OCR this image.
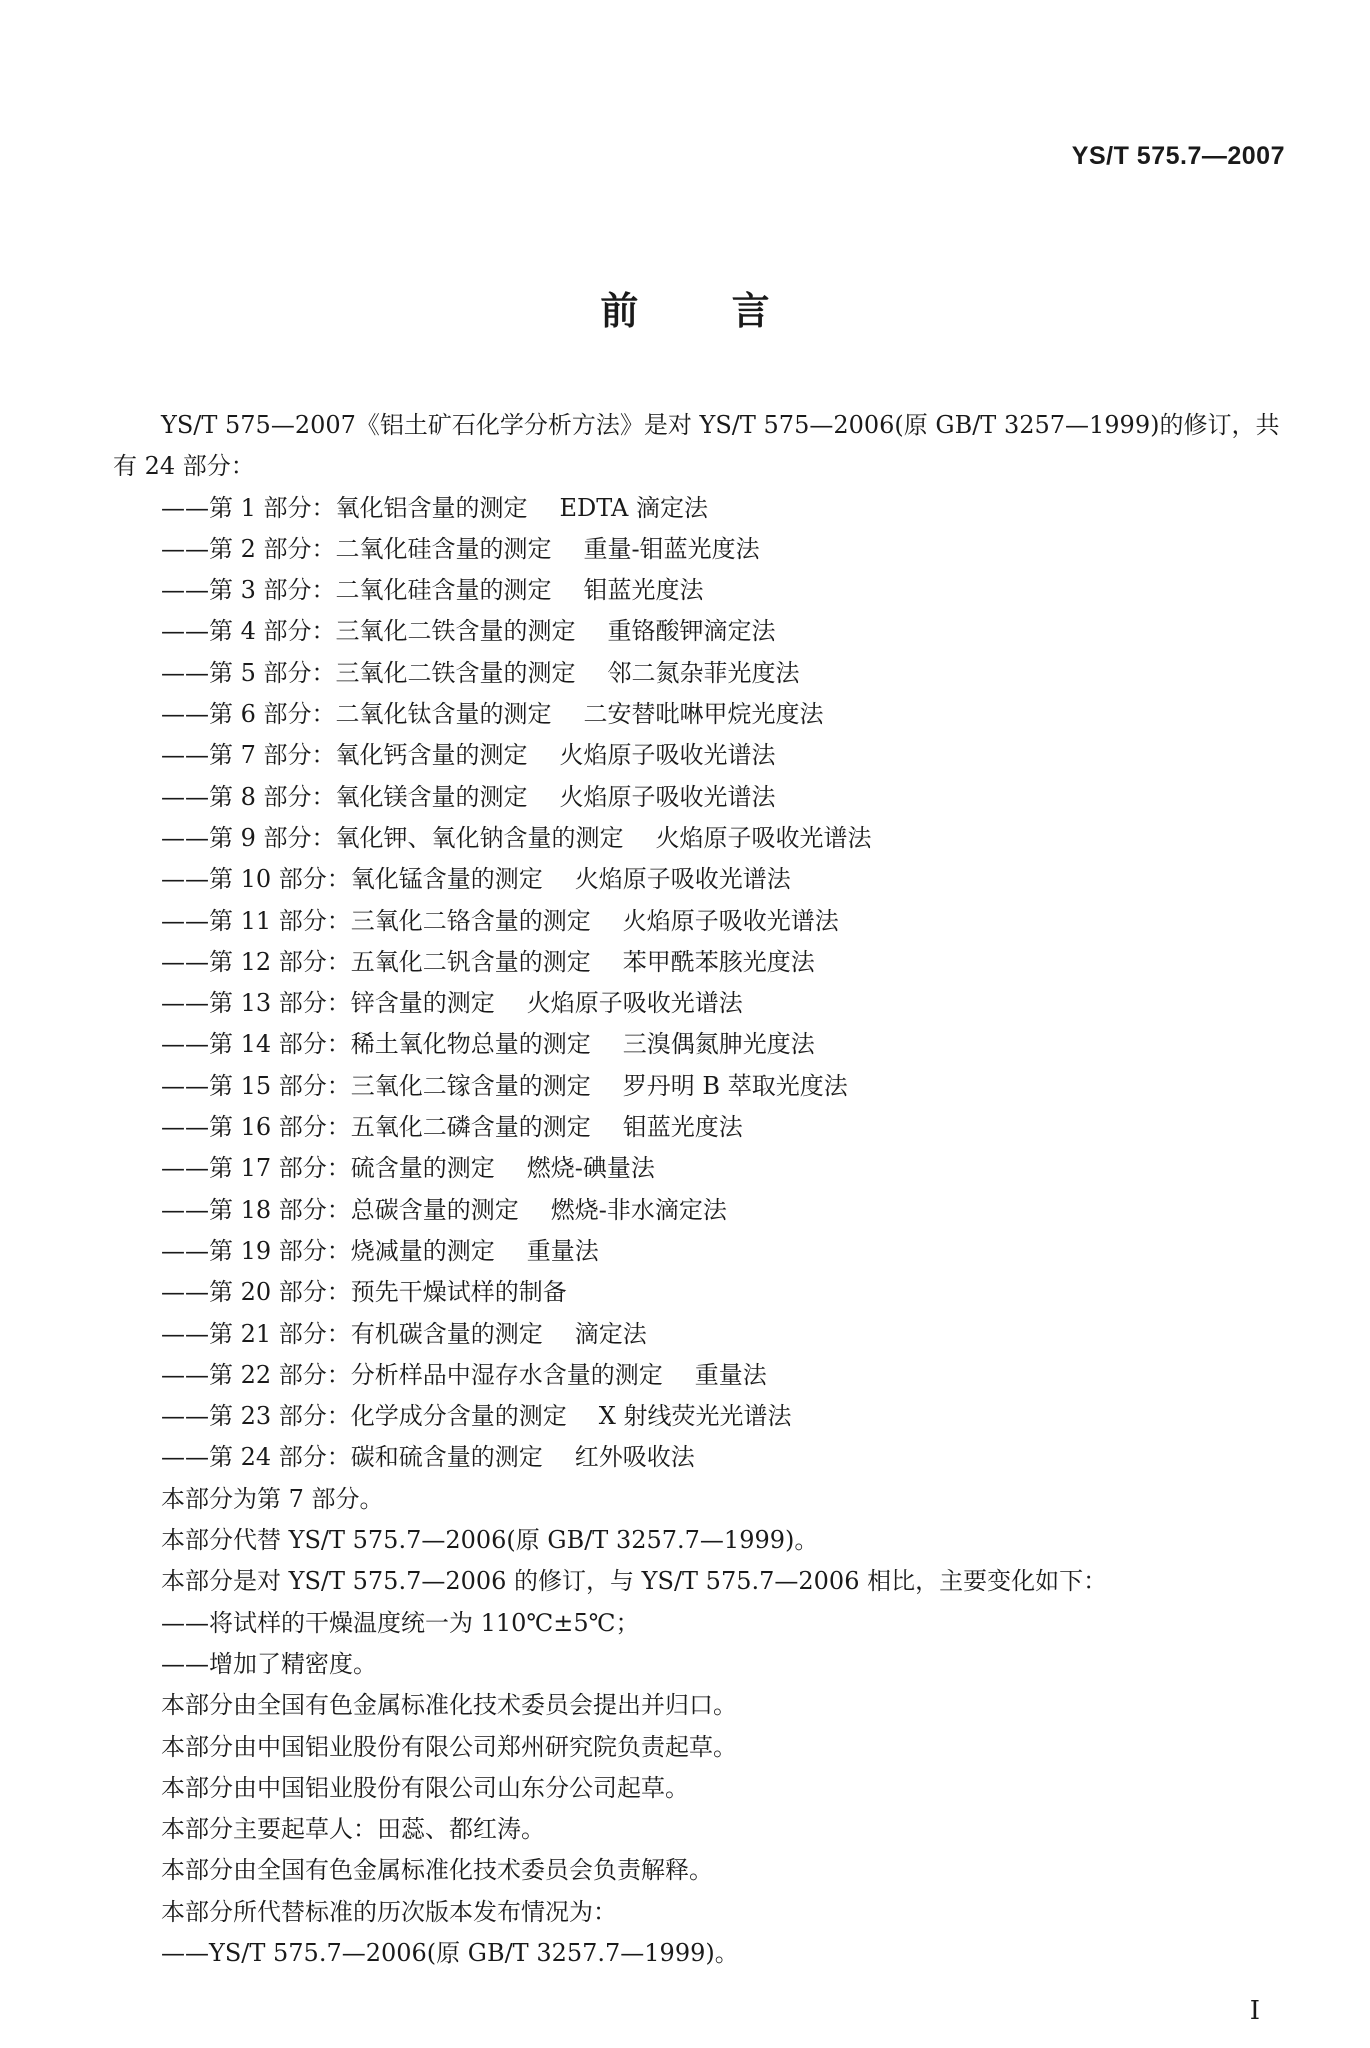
YS/T 575.7—2007
前 言

YS/T 575—2007《铝土矿石化学分析方法》是对 YS/T 575—2006(原 GB/T 3257—1999)的修订，共有 24 部分：

——第 1 部分：氧化铝含量的测定 EDTA 滴定法
——第 2 部分：二氧化硅含量的测定 重量-钼蓝光度法
——第 3 部分：二氧化硅含量的测定 钼蓝光度法
——第 4 部分：三氧化二铁含量的测定 重铬酸钾滴定法
——第 5 部分：三氧化二铁含量的测定 邻二氮杂菲光度法
——第 6 部分：二氧化钛含量的测定 二安替吡啉甲烷光度法
——第 7 部分：氧化钙含量的测定 火焰原子吸收光谱法
——第 8 部分：氧化镁含量的测定 火焰原子吸收光谱法
——第 9 部分：氧化钾、氧化钠含量的测定 火焰原子吸收光谱法
——第 10 部分：氧化锰含量的测定 火焰原子吸收光谱法
——第 11 部分：三氧化二铬含量的测定 火焰原子吸收光谱法
——第 12 部分：五氧化二钒含量的测定 苯甲酰苯胲光度法
——第 13 部分：锌含量的测定 火焰原子吸收光谱法
——第 14 部分：稀土氧化物总量的测定 三溴偶氮胂光度法
——第 15 部分：三氧化二镓含量的测定 罗丹明 B 萃取光度法
——第 16 部分：五氧化二磷含量的测定 钼蓝光度法
——第 17 部分：硫含量的测定 燃烧-碘量法
——第 18 部分：总碳含量的测定 燃烧-非水滴定法
——第 19 部分：烧减量的测定 重量法
——第 20 部分：预先干燥试样的制备
——第 21 部分：有机碳含量的测定 滴定法
——第 22 部分：分析样品中湿存水含量的测定 重量法
——第 23 部分：化学成分含量的测定 X 射线荧光光谱法
——第 24 部分：碳和硫含量的测定 红外吸收法

本部分为第 7 部分。

本部分代替 YS/T 575.7—2006(原 GB/T 3257.7—1999)。

本部分是对 YS/T 575.7—2006 的修订，与 YS/T 575.7—2006 相比，主要变化如下：

——将试样的干燥温度统一为 110℃±5℃；

——增加了精密度。

本部分由全国有色金属标准化技术委员会提出并归口。

本部分由中国铝业股份有限公司郑州研究院负责起草。

本部分由中国铝业股份有限公司山东分公司起草。

本部分主要起草人：田蕊、都红涛。

本部分由全国有色金属标准化技术委员会负责解释。

本部分所代替标准的历次版本发布情况为：

——YS/T 575.7—2006(原 GB/T 3257.7—1999)。

I
